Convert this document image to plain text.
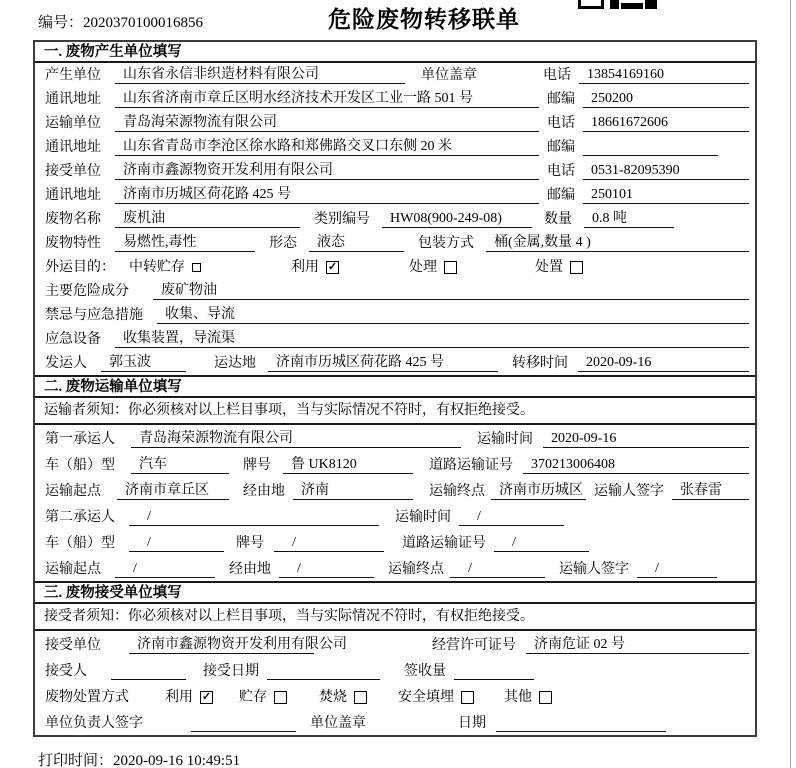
编号：2020370100016856	危险废物转移联单
一. 废物产生单位填写
产生单位	山东省永信非织造材料有限公司	单位盖章	电话	13854169160
通讯地址	山东省济南市章丘区明水经济技术开发区工业一路 501 号	邮编	250200
运输单位	青岛海荣源物流有限公司	电话	18661672606
通讯地址	山东省青岛市李沧区徐水路和郑佛路交叉口东侧 20 米	邮编
接受单位	济南市鑫源物资开发利用有限公司	电话	0531-82095390
通讯地址	济南市历城区荷花路 425 号	邮编	250101
废物名称	废机油	类别编号	HW08(900-249-08)	数量	0.8 吨
废物特性	易燃性,毒性	形态	液态	包装方式	桶(金属,数量 4 )
外运目的： 中转贮存	利用 ✓	处理	处置
主要危险成分	废矿物油
禁忌与应急措施	收集、导流
应急设备	收集装置，导流渠
发运人	郭玉波	运达地	济南市历城区荷花路 425 号	转移时间	2020-09-16
二. 废物运输单位填写
运输者须知：你必须核对以上栏目事项，当与实际情况不符时，有权拒绝接受。
第一承运人	青岛海荣源物流有限公司	运输时间	2020-09-16
车（船）型	汽车	牌号	鲁 UK8120	道路运输证号	370213006408
运输起点	济南市章丘区 经由地	济南	运输终点	济南市历城区 运输人签字	张春雷
第二承运人	/	运输时间	/
车（船）型	/	牌号	/	道路运输证号	/
运输起点	/	经由地	/	运输终点	/	运输人签字	/
三. 废物接受单位填写
接受者须知：你必须核对以上栏目事项，当与实际情况不符时，有权拒绝接受。
接受单位	济南市鑫源物资开发利用有限公司	经营许可证号	济南危证 02 号
接受人	接受日期	签收量
废物处置方式	利用 ✓ 贮存	焚烧	安全填埋	其他
单位负责人签字	单位盖章	日期
打印时间：2020-09-16 10:49:51
